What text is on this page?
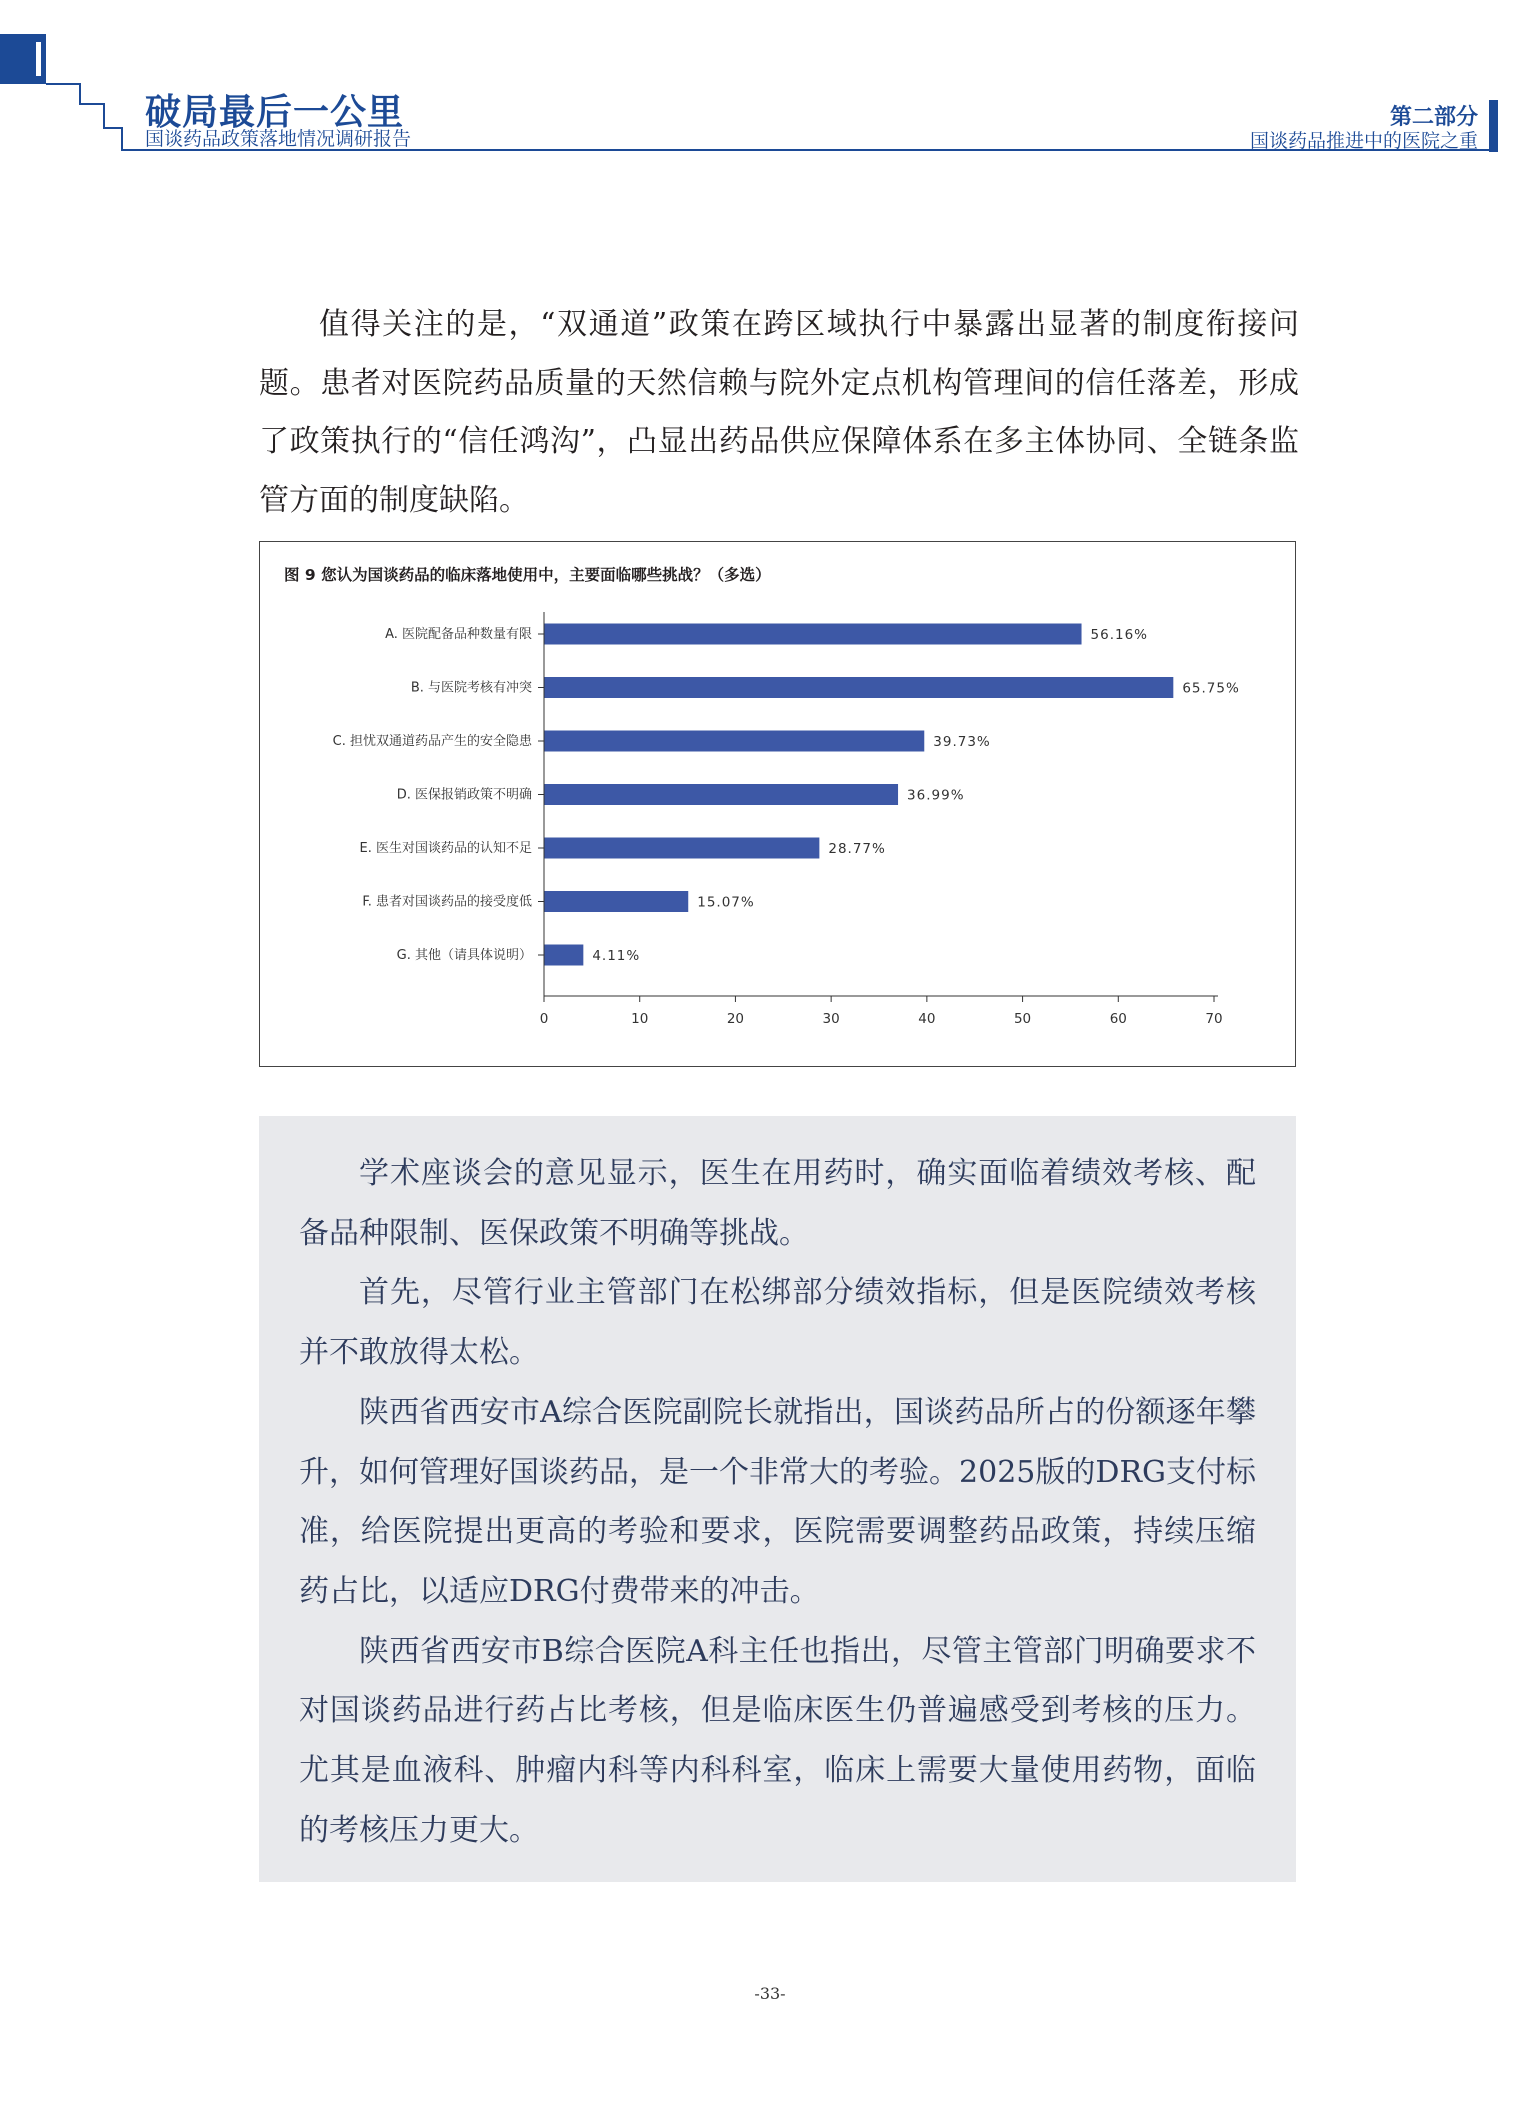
破局最后一公里
国谈药品政策落地情况调研报告
第二部分
国谈药品推进中的医院之重

值得关注的是，“双通道”政策在跨区域执行中暴露出显著的制度衔接问题。患者对医院药品质量的天然信赖与院外定点机构管理间的信任落差，形成了政策执行的“信任鸿沟”，凸显出药品供应保障体系在多主体协同、全链条监管方面的制度缺陷。

图 9 您认为国谈药品的临床落地使用中，主要面临哪些挑战？（多选）
A. 医院配备品种数量有限	56.16%
B. 与医院考核有冲突	65.75%
C. 担忧双通道药品产生的安全隐患	39.73%
D. 医保报销政策不明确	36.99%
E. 医生对国谈药品的认知不足	28.77%
F. 患者对国谈药品的接受度低	15.07%
G. 其他（请具体说明）	4.11%
0	10	20	30	40	50	60	70

学术座谈会的意见显示，医生在用药时，确实面临着绩效考核、配备品种限制、医保政策不明确等挑战。

首先，尽管行业主管部门在松绑部分绩效指标，但是医院绩效考核并不敢放得太松。

陕西省西安市A综合医院副院长就指出，国谈药品所占的份额逐年攀升，如何管理好国谈药品，是一个非常大的考验。2025版的DRG支付标准，给医院提出更高的考验和要求，医院需要调整药品政策，持续压缩药占比，以适应DRG付费带来的冲击。

陕西省西安市B综合医院A科主任也指出，尽管主管部门明确要求不对国谈药品进行药占比考核，但是临床医生仍普遍感受到考核的压力。尤其是血液科、肿瘤内科等内科科室，临床上需要大量使用药物，面临的考核压力更大。

-33-
